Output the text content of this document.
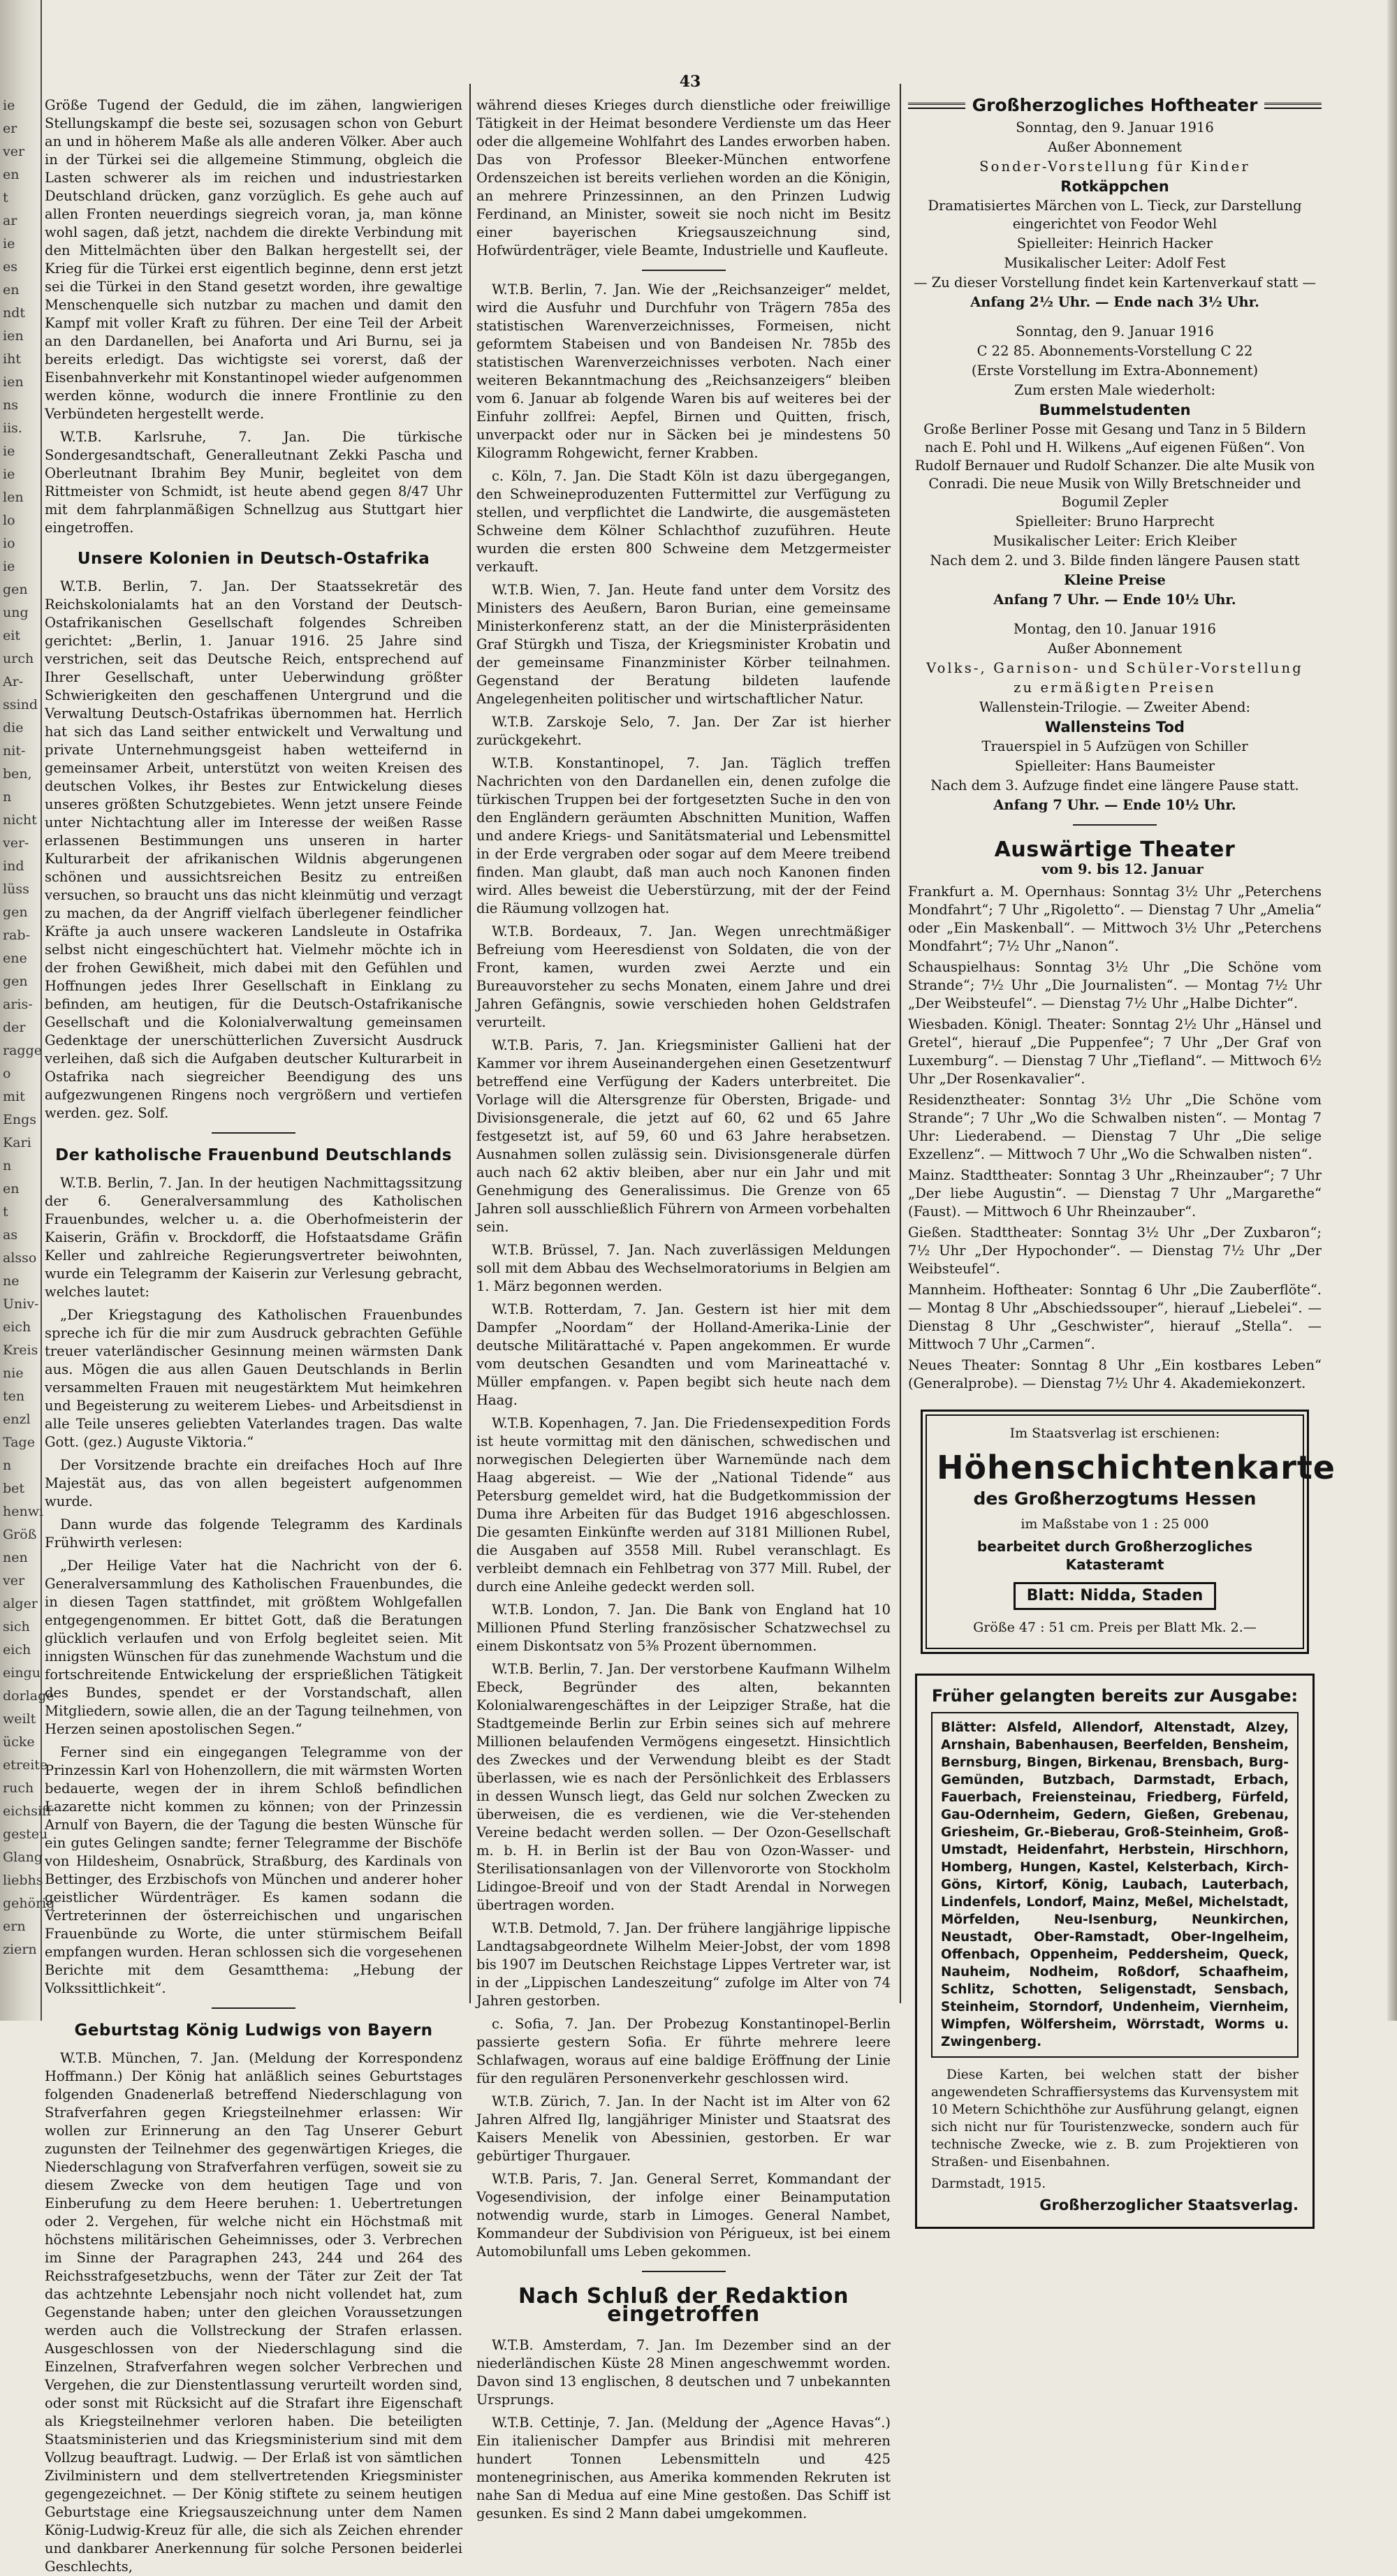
ie
er
ver
en
t
ar
ie
es
en
ndt
ien
iht
ien
ns
iis.
ie
ie
len
lo
io
ie
gen
ung
eit
urch
Ar-
ssind
die
nit-
ben,
n
nicht
ver-
ind
lüss
gen
rab-
ene
gen
aris-
der
ragge
o
mit
Engs
Kari
n
en
t
as
alsso
ne
Univ-
eich
Kreis
nie
ten
enzl
Tage
n
bet
henwi
Größ
nen
ver
alger
sich
eich
eingu
dorlage
weilt
ücke
etreite
ruch
eichsiff
gesteu
Glang
liebhs
gehörig
ern
ziern
43

Größe Tugend der Geduld, die im zähen, langwierigen Stellungskampf die beste sei, sozusagen schon von Geburt an und in höherem Maße als alle anderen Völker. Aber auch in der Türkei sei die allgemeine Stimmung, obgleich die Lasten schwerer als im reichen und industriestarken Deutschland drücken, ganz vorzüglich. Es gehe auch auf allen Fronten neuerdings siegreich voran, ja, man könne wohl sagen, daß jetzt, nachdem die direkte Verbindung mit den Mittelmächten über den Balkan hergestellt sei, der Krieg für die Türkei erst eigentlich beginne, denn erst jetzt sei die Türkei in den Stand gesetzt worden, ihre gewaltige Menschenquelle sich nutzbar zu machen und damit den Kampf mit voller Kraft zu führen. Der eine Teil der Arbeit an den Dardanellen, bei Anaforta und Ari Burnu, sei ja bereits erledigt. Das wichtigste sei vorerst, daß der Eisenbahnverkehr mit Konstantinopel wieder aufgenommen werden könne, wodurch die innere Frontlinie zu den Verbündeten hergestellt werde.

W.T.B. Karlsruhe, 7. Jan. Die türkische Sondergesandtschaft, Generalleutnant Zekki Pascha und Oberleutnant Ibrahim Bey Munir, begleitet von dem Rittmeister von Schmidt, ist heute abend gegen 8/47 Uhr mit dem fahrplanmäßigen Schnellzug aus Stuttgart hier eingetroffen.

Unsere Kolonien in Deutsch-Ostafrika

W.T.B. Berlin, 7. Jan. Der Staatssekretär des Reichskolonialamts hat an den Vorstand der Deutsch-Ostafrikanischen Gesellschaft folgendes Schreiben gerichtet: „Berlin, 1. Januar 1916. 25 Jahre sind verstrichen, seit das Deutsche Reich, entsprechend auf Ihrer Gesellschaft, unter Ueberwindung größter Schwierigkeiten den geschaffenen Untergrund und die Verwaltung Deutsch-Ostafrikas übernommen hat. Herrlich hat sich das Land seither entwickelt und Verwaltung und private Unternehmungsgeist haben wetteifernd in gemeinsamer Arbeit, unterstützt von weiten Kreisen des deutschen Volkes, ihr Bestes zur Entwickelung dieses unseres größten Schutzgebietes. Wenn jetzt unsere Feinde unter Nichtachtung aller im Interesse der weißen Rasse erlassenen Bestimmungen uns unseren in harter Kulturarbeit der afrikanischen Wildnis abgerungenen schönen und aussichtsreichen Besitz zu entreißen versuchen, so braucht uns das nicht kleinmütig und verzagt zu machen, da der Angriff vielfach überlegener feindlicher Kräfte ja auch unsere wackeren Landsleute in Ostafrika selbst nicht eingeschüchtert hat. Vielmehr möchte ich in der frohen Gewißheit, mich dabei mit den Gefühlen und Hoffnungen jedes Ihrer Gesellschaft in Einklang zu befinden, am heutigen, für die Deutsch-Ostafrikanische Gesellschaft und die Kolonialverwaltung gemeinsamen Gedenktage der unerschütterlichen Zuversicht Ausdruck verleihen, daß sich die Aufgaben deutscher Kulturarbeit in Ostafrika nach siegreicher Beendigung des uns aufgezwungenen Ringens noch vergrößern und vertiefen werden. gez. Solf.

Der katholische Frauenbund Deutschlands

W.T.B. Berlin, 7. Jan. In der heutigen Nachmittagssitzung der 6. Generalversammlung des Katholischen Frauenbundes, welcher u. a. die Oberhofmeisterin der Kaiserin, Gräfin v. Brockdorff, die Hofstaatsdame Gräfin Keller und zahlreiche Regierungsvertreter beiwohnten, wurde ein Telegramm der Kaiserin zur Verlesung gebracht, welches lautet:

„Der Kriegstagung des Katholischen Frauenbundes spreche ich für die mir zum Ausdruck gebrachten Gefühle treuer vaterländischer Gesinnung meinen wärmsten Dank aus. Mögen die aus allen Gauen Deutschlands in Berlin versammelten Frauen mit neugestärktem Mut heimkehren und Begeisterung zu weiterem Liebes- und Arbeitsdienst in alle Teile unseres geliebten Vaterlandes tragen. Das walte Gott. (gez.) Auguste Viktoria.“

Der Vorsitzende brachte ein dreifaches Hoch auf Ihre Majestät aus, das von allen begeistert aufgenommen wurde.

Dann wurde das folgende Telegramm des Kardinals Frühwirth verlesen:

„Der Heilige Vater hat die Nachricht von der 6. Generalversammlung des Katholischen Frauenbundes, die in diesen Tagen stattfindet, mit größtem Wohlgefallen entgegengenommen. Er bittet Gott, daß die Beratungen glücklich verlaufen und von Erfolg begleitet seien. Mit innigsten Wünschen für das zunehmende Wachstum und die fortschreitende Entwickelung der ersprießlichen Tätigkeit des Bundes, spendet er der Vorstandschaft, allen Mitgliedern, sowie allen, die an der Tagung teilnehmen, von Herzen seinen apostolischen Segen.“

Ferner sind ein eingegangen Telegramme von der Prinzessin Karl von Hohenzollern, die mit wärmsten Worten bedauerte, wegen der in ihrem Schloß befindlichen Lazarette nicht kommen zu können; von der Prinzessin Arnulf von Bayern, die der Tagung die besten Wünsche für ein gutes Gelingen sandte; ferner Telegramme der Bischöfe von Hildesheim, Osnabrück, Straßburg, des Kardinals von Bettinger, des Erzbischofs von München und anderer hoher geistlicher Würdenträger. Es kamen sodann die Vertreterinnen der österreichischen und ungarischen Frauenbünde zu Worte, die unter stürmischem Beifall empfangen wurden. Heran schlossen sich die vorgesehenen Berichte mit dem Gesamtthema: „Hebung der Volkssittlichkeit“.

Geburtstag König Ludwigs von Bayern

W.T.B. München, 7. Jan. (Meldung der Korrespondenz Hoffmann.) Der König hat anläßlich seines Geburtstages folgenden Gnadenerlaß betreffend Niederschlagung von Strafverfahren gegen Kriegsteilnehmer erlassen: Wir wollen zur Erinnerung an den Tag Unserer Geburt zugunsten der Teilnehmer des gegenwärtigen Krieges, die Niederschlagung von Strafverfahren verfügen, soweit sie zu diesem Zwecke von dem heutigen Tage und von Einberufung zu dem Heere beruhen: 1. Uebertretungen oder 2. Vergehen, für welche nicht ein Höchstmaß mit höchstens militärischen Geheimnisses, oder 3. Verbrechen im Sinne der Paragraphen 243, 244 und 264 des Reichsstrafgesetzbuchs, wenn der Täter zur Zeit der Tat das achtzehnte Lebensjahr noch nicht vollendet hat, zum Gegenstande haben; unter den gleichen Voraussetzungen werden auch die Vollstreckung der Strafen erlassen. Ausgeschlossen von der Niederschlagung sind die Einzelnen, Strafverfahren wegen solcher Verbrechen und Vergehen, die zur Dienstentlassung verurteilt worden sind, oder sonst mit Rücksicht auf die Strafart ihre Eigenschaft als Kriegsteilnehmer verloren haben. Die beteiligten Staatsministerien und das Kriegsministerium sind mit dem Vollzug beauftragt. Ludwig. — Der Erlaß ist von sämtlichen Zivilministern und dem stellvertretenden Kriegsminister gegengezeichnet. — Der König stiftete zu seinem heutigen Geburtstage eine Kriegsauszeichnung unter dem Namen König-Ludwig-Kreuz für alle, die sich als Zeichen ehrender und dankbarer Anerkennung für solche Personen beiderlei Geschlechts,

während dieses Krieges durch dienstliche oder freiwillige Tätigkeit in der Heimat besondere Verdienste um das Heer oder die allgemeine Wohlfahrt des Landes erworben haben. Das von Professor Bleeker-München entworfene Ordenszeichen ist bereits verliehen worden an die Königin, an mehrere Prinzessinnen, an den Prinzen Ludwig Ferdinand, an Minister, soweit sie noch nicht im Besitz einer bayerischen Kriegsauszeichnung sind, Hofwürdenträger, viele Beamte, Industrielle und Kaufleute.

W.T.B. Berlin, 7. Jan. Wie der „Reichsanzeiger“ meldet, wird die Ausfuhr und Durchfuhr von Trägern 785a des statistischen Warenverzeichnisses, Formeisen, nicht geformtem Stabeisen und von Bandeisen Nr. 785b des statistischen Warenverzeichnisses verboten. Nach einer weiteren Bekanntmachung des „Reichsanzeigers“ bleiben vom 6. Januar ab folgende Waren bis auf weiteres bei der Einfuhr zollfrei: Aepfel, Birnen und Quitten, frisch, unverpackt oder nur in Säcken bei je mindestens 50 Kilogramm Rohgewicht, ferner Krabben.

c. Köln, 7. Jan. Die Stadt Köln ist dazu übergegangen, den Schweineproduzenten Futtermittel zur Verfügung zu stellen, und verpflichtet die Landwirte, die ausgemästeten Schweine dem Kölner Schlachthof zuzuführen. Heute wurden die ersten 800 Schweine dem Metzgermeister verkauft.

W.T.B. Wien, 7. Jan. Heute fand unter dem Vorsitz des Ministers des Aeußern, Baron Burian, eine gemeinsame Ministerkonferenz statt, an der die Ministerpräsidenten Graf Stürgkh und Tisza, der Kriegsminister Krobatin und der gemeinsame Finanzminister Körber teilnahmen. Gegenstand der Beratung bildeten laufende Angelegenheiten politischer und wirtschaftlicher Natur.

W.T.B. Zarskoje Selo, 7. Jan. Der Zar ist hierher zurückgekehrt.

W.T.B. Konstantinopel, 7. Jan. Täglich treffen Nachrichten von den Dardanellen ein, denen zufolge die türkischen Truppen bei der fortgesetzten Suche in den von den Engländern geräumten Abschnitten Munition, Waffen und andere Kriegs- und Sanitätsmaterial und Lebensmittel in der Erde vergraben oder sogar auf dem Meere treibend finden. Man glaubt, daß man auch noch Kanonen finden wird. Alles beweist die Ueberstürzung, mit der der Feind die Räumung vollzogen hat.

W.T.B. Bordeaux, 7. Jan. Wegen unrechtmäßiger Befreiung vom Heeresdienst von Soldaten, die von der Front, kamen, wurden zwei Aerzte und ein Bureauvorsteher zu sechs Monaten, einem Jahre und drei Jahren Gefängnis, sowie verschieden hohen Geldstrafen verurteilt.

W.T.B. Paris, 7. Jan. Kriegsminister Gallieni hat der Kammer vor ihrem Auseinandergehen einen Gesetzentwurf betreffend eine Verfügung der Kaders unterbreitet. Die Vorlage will die Altersgrenze für Obersten, Brigade- und Divisionsgenerale, die jetzt auf 60, 62 und 65 Jahre festgesetzt ist, auf 59, 60 und 63 Jahre herabsetzen. Ausnahmen sollen zulässig sein. Divisionsgenerale dürfen auch nach 62 aktiv bleiben, aber nur ein Jahr und mit Genehmigung des Generalissimus. Die Grenze von 65 Jahren soll ausschließlich Führern von Armeen vorbehalten sein.

W.T.B. Brüssel, 7. Jan. Nach zuverlässigen Meldungen soll mit dem Abbau des Wechselmoratoriums in Belgien am 1. März begonnen werden.

W.T.B. Rotterdam, 7. Jan. Gestern ist hier mit dem Dampfer „Noordam“ der Holland-Amerika-Linie der deutsche Militärattaché v. Papen angekommen. Er wurde vom deutschen Gesandten und vom Marineattaché v. Müller empfangen. v. Papen begibt sich heute nach dem Haag.

W.T.B. Kopenhagen, 7. Jan. Die Friedensexpedition Fords ist heute vormittag mit den dänischen, schwedischen und norwegischen Delegierten über Warnemünde nach dem Haag abgereist. — Wie der „National Tidende“ aus Petersburg gemeldet wird, hat die Budgetkommission der Duma ihre Arbeiten für das Budget 1916 abgeschlossen. Die gesamten Einkünfte werden auf 3181 Millionen Rubel, die Ausgaben auf 3558 Mill. Rubel veranschlagt. Es verbleibt demnach ein Fehlbetrag von 377 Mill. Rubel, der durch eine Anleihe gedeckt werden soll.

W.T.B. London, 7. Jan. Die Bank von England hat 10 Millionen Pfund Sterling französischer Schatzwechsel zu einem Diskontsatz von 5⅜ Prozent übernommen.

W.T.B. Berlin, 7. Jan. Der verstorbene Kaufmann Wilhelm Ebeck, Begründer des alten, bekannten Kolonialwarengeschäftes in der Leipziger Straße, hat die Stadtgemeinde Berlin zur Erbin seines sich auf mehrere Millionen belaufenden Vermögens eingesetzt. Hinsichtlich des Zweckes und der Verwendung bleibt es der Stadt überlassen, wie es nach der Persönlichkeit des Erblassers in dessen Wunsch liegt, das Geld nur solchen Zwecken zu überweisen, die es verdienen, wie die Ver-stehenden Vereine bedacht werden sollen. — Der Ozon-Gesellschaft m. b. H. in Berlin ist der Bau von Ozon-Wasser- und Sterilisationsanlagen von der Villenvororte von Stockholm Lidingoe-Breoif und von der Stadt Arendal in Norwegen übertragen worden.

W.T.B. Detmold, 7. Jan. Der frühere langjährige lippische Landtagsabgeordnete Wilhelm Meier-Jobst, der vom 1898 bis 1907 im Deutschen Reichstage Lippes Vertreter war, ist in der „Lippischen Landeszeitung“ zufolge im Alter von 74 Jahren gestorben.

c. Sofia, 7. Jan. Der Probezug Konstantinopel-Berlin passierte gestern Sofia. Er führte mehrere leere Schlafwagen, woraus auf eine baldige Eröffnung der Linie für den regulären Personenverkehr geschlossen wird.

W.T.B. Zürich, 7. Jan. In der Nacht ist im Alter von 62 Jahren Alfred Ilg, langjähriger Minister und Staatsrat des Kaisers Menelik von Abessinien, gestorben. Er war gebürtiger Thurgauer.

W.T.B. Paris, 7. Jan. General Serret, Kommandant der Vogesendivision, der infolge einer Beinamputation notwendig wurde, starb in Limoges. General Nambet, Kommandeur der Subdivision von Périgueux, ist bei einem Automobilunfall ums Leben gekommen.

Nach Schluß der Redaktion eingetroffen

W.T.B. Amsterdam, 7. Jan. Im Dezember sind an der niederländischen Küste 28 Minen angeschwemmt worden. Davon sind 13 englischen, 8 deutschen und 7 unbekannten Ursprungs.

W.T.B. Cettinje, 7. Jan. (Meldung der „Agence Havas“.) Ein italienischer Dampfer aus Brindisi mit mehreren hundert Tonnen Lebensmitteln und 425 montenegrinischen, aus Amerika kommenden Rekruten ist nahe San di Medua auf eine Mine gestoßen. Das Schiff ist gesunken. Es sind 2 Mann dabei umgekommen.

Großherzogliches Hoftheater

Sonntag, den 9. Januar 1916

Außer Abonnement

Sonder-Vorstellung für Kinder

Rotkäppchen

Dramatisiertes Märchen von L. Tieck, zur Darstellung eingerichtet von Feodor Wehl

Spielleiter: Heinrich Hacker

Musikalischer Leiter: Adolf Fest

— Zu dieser Vorstellung findet kein Kartenverkauf statt —

Anfang 2½ Uhr. — Ende nach 3½ Uhr.

Sonntag, den 9. Januar 1916

C 22 85. Abonnements-Vorstellung C 22

(Erste Vorstellung im Extra-Abonnement)

Zum ersten Male wiederholt:

Bummelstudenten

Große Berliner Posse mit Gesang und Tanz in 5 Bildern nach E. Pohl und H. Wilkens „Auf eigenen Füßen“. Von Rudolf Bernauer und Rudolf Schanzer. Die alte Musik von Conradi. Die neue Musik von Willy Bretschneider und Bogumil Zepler

Spielleiter: Bruno Harprecht

Musikalischer Leiter: Erich Kleiber

Nach dem 2. und 3. Bilde finden längere Pausen statt

Kleine Preise

Anfang 7 Uhr. — Ende 10½ Uhr.

Montag, den 10. Januar 1916

Außer Abonnement

Volks-, Garnison- und Schüler-Vorstellung

zu ermäßigten Preisen

Wallenstein-Trilogie. — Zweiter Abend:

Wallensteins Tod

Trauerspiel in 5 Aufzügen von Schiller

Spielleiter: Hans Baumeister

Nach dem 3. Aufzuge findet eine längere Pause statt.

Anfang 7 Uhr. — Ende 10½ Uhr.

Auswärtige Theater

vom 9. bis 12. Januar

Frankfurt a. M. Opernhaus: Sonntag 3½ Uhr „Peterchens Mondfahrt“; 7 Uhr „Rigoletto“. — Dienstag 7 Uhr „Amelia“ oder „Ein Maskenball“. — Mittwoch 3½ Uhr „Peterchens Mondfahrt“; 7½ Uhr „Nanon“.

Schauspielhaus: Sonntag 3½ Uhr „Die Schöne vom Strande“; 7½ Uhr „Die Journalisten“. — Montag 7½ Uhr „Der Weibsteufel“. — Dienstag 7½ Uhr „Halbe Dichter“.

Wiesbaden. Königl. Theater: Sonntag 2½ Uhr „Hänsel und Gretel“, hierauf „Die Puppenfee“; 7 Uhr „Der Graf von Luxemburg“. — Dienstag 7 Uhr „Tiefland“. — Mittwoch 6½ Uhr „Der Rosenkavalier“.

Residenztheater: Sonntag 3½ Uhr „Die Schöne vom Strande“; 7 Uhr „Wo die Schwalben nisten“. — Montag 7 Uhr: Liederabend. — Dienstag 7 Uhr „Die selige Exzellenz“. — Mittwoch 7 Uhr „Wo die Schwalben nisten“.

Mainz. Stadttheater: Sonntag 3 Uhr „Rheinzauber“; 7 Uhr „Der liebe Augustin“. — Dienstag 7 Uhr „Margarethe“ (Faust). — Mittwoch 6 Uhr Rheinzauber“.

Gießen. Stadttheater: Sonntag 3½ Uhr „Der Zuxbaron“; 7½ Uhr „Der Hypochonder“. — Dienstag 7½ Uhr „Der Weibsteufel“.

Mannheim. Hoftheater: Sonntag 6 Uhr „Die Zauberflöte“. — Montag 8 Uhr „Abschiedssouper“, hierauf „Liebelei“. — Dienstag 8 Uhr „Geschwister“, hierauf „Stella“. — Mittwoch 7 Uhr „Carmen“.

Neues Theater: Sonntag 8 Uhr „Ein kostbares Leben“ (Generalprobe). — Dienstag 7½ Uhr 4. Akademiekonzert.

Im Staatsverlag ist erschienen:
Höhenschichtenkarte
des Großherzogtums Hessen
im Maßstabe von 1 : 25 000
bearbeitet durch Großherzogliches Katasteramt
Blatt: Nidda, Staden
Größe 47 : 51 cm. Preis per Blatt Mk. 2.—
Früher gelangten bereits zur Ausgabe:
Blätter: Alsfeld, Allendorf, Altenstadt, Alzey, Arnshain, Babenhausen, Beerfelden, Bensheim, Bernsburg, Bingen, Birkenau, Brensbach, Burg-Gemünden, Butzbach, Darmstadt, Erbach, Fauerbach, Freiensteinau, Friedberg, Fürfeld, Gau-Odernheim, Gedern, Gießen, Grebenau, Griesheim, Gr.-Bieberau, Groß-Steinheim, Groß-Umstadt, Heidenfahrt, Herbstein, Hirschhorn, Homberg, Hungen, Kastel, Kelsterbach, Kirch-Göns, Kirtorf, König, Laubach, Lauterbach, Lindenfels, Londorf, Mainz, Meßel, Michelstadt, Mörfelden, Neu-Isenburg, Neunkirchen, Neustadt, Ober-Ramstadt, Ober-Ingelheim, Offenbach, Oppenheim, Peddersheim, Queck, Nauheim, Nodheim, Roßdorf, Schaafheim, Schlitz, Schotten, Seligenstadt, Sensbach, Steinheim, Storndorf, Undenheim, Viernheim, Wimpfen, Wölfersheim, Wörrstadt, Worms u. Zwingenberg.
Diese Karten, bei welchen statt der bisher angewendeten Schraffiersystems das Kurvensystem mit 10 Metern Schichthöhe zur Ausführung gelangt, eignen sich nicht nur für Touristenzwecke, sondern auch für technische Zwecke, wie z. B. zum Projektieren von Straßen- und Eisenbahnen.
Darmstadt, 1915.
Großherzoglicher Staatsverlag.
